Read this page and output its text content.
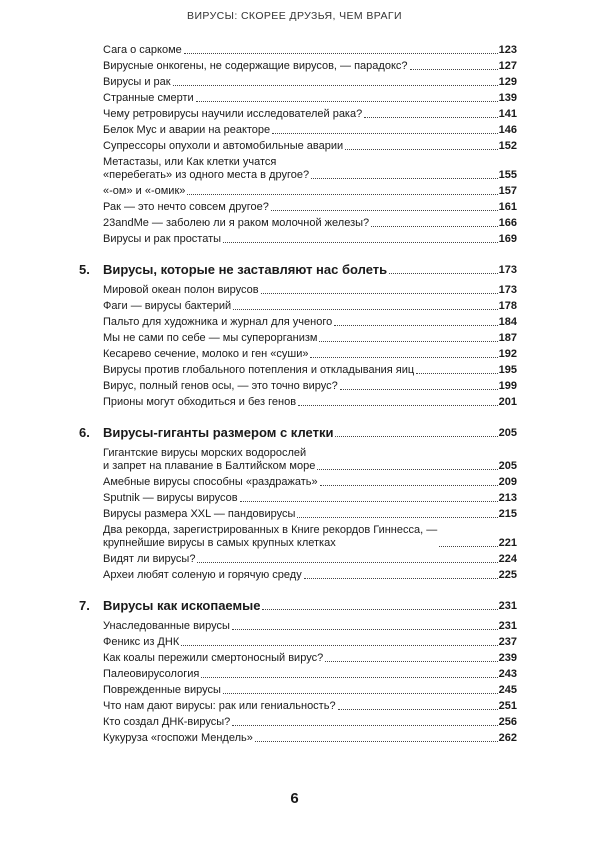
ВИРУСЫ: СКОРЕЕ ДРУЗЬЯ, ЧЕМ ВРАГИ
Сага о саркоме	123
Вирусные онкогены, не содержащие вирусов, — парадокс?	127
Вирусы и рак	129
Странные смерти	139
Чему ретровирусы научили исследователей рака?	141
Белок Мус и аварии на реакторе	146
Супрессоры опухоли и автомобильные аварии	152
Метастазы, или Как клетки учатся
«перебегать» из одного места в другое?	155
«-ом» и «-омик»	157
Рак — это нечто совсем другое?	161
23andMe — заболею ли я раком молочной железы?	166
Вирусы и рак простаты	169
5.	Вирусы, которые не заставляют нас болеть	173
Мировой океан полон вирусов	173
Фаги — вирусы бактерий	178
Пальто для художника и журнал для ученого	184
Мы не сами по себе — мы суперорганизм	187
Кесарево сечение, молоко и ген «суши»	192
Вирусы против глобального потепления и откладывания яиц	195
Вирус, полный генов осы, — это точно вирус?	199
Прионы могут обходиться и без генов	201
6.	Вирусы-гиганты размером с клетки	205
Гигантские вирусы морских водорослей
и запрет на плавание в Балтийском море	205
Амебные вирусы способны «раздражать»	209
Sputnik — вирусы вирусов	213
Вирусы размера XXL — пандовирусы	215
Два рекорда, зарегистрированных в Книге рекордов Гиннесса, —
крупнейшие вирусы в самых крупных клетках	221
Видят ли вирусы?	224
Археи любят соленую и горячую среду	225
7.	Вирусы как ископаемые	231
Унаследованные вирусы	231
Феникс из ДНК	237
Как коалы пережили смертоносный вирус?	239
Палеовирусология	243
Поврежденные вирусы	245
Что нам дают вирусы: рак или гениальность?	251
Кто создал ДНК-вирусы?	256
Кукуруза «госпожи Мендель»	262
6
